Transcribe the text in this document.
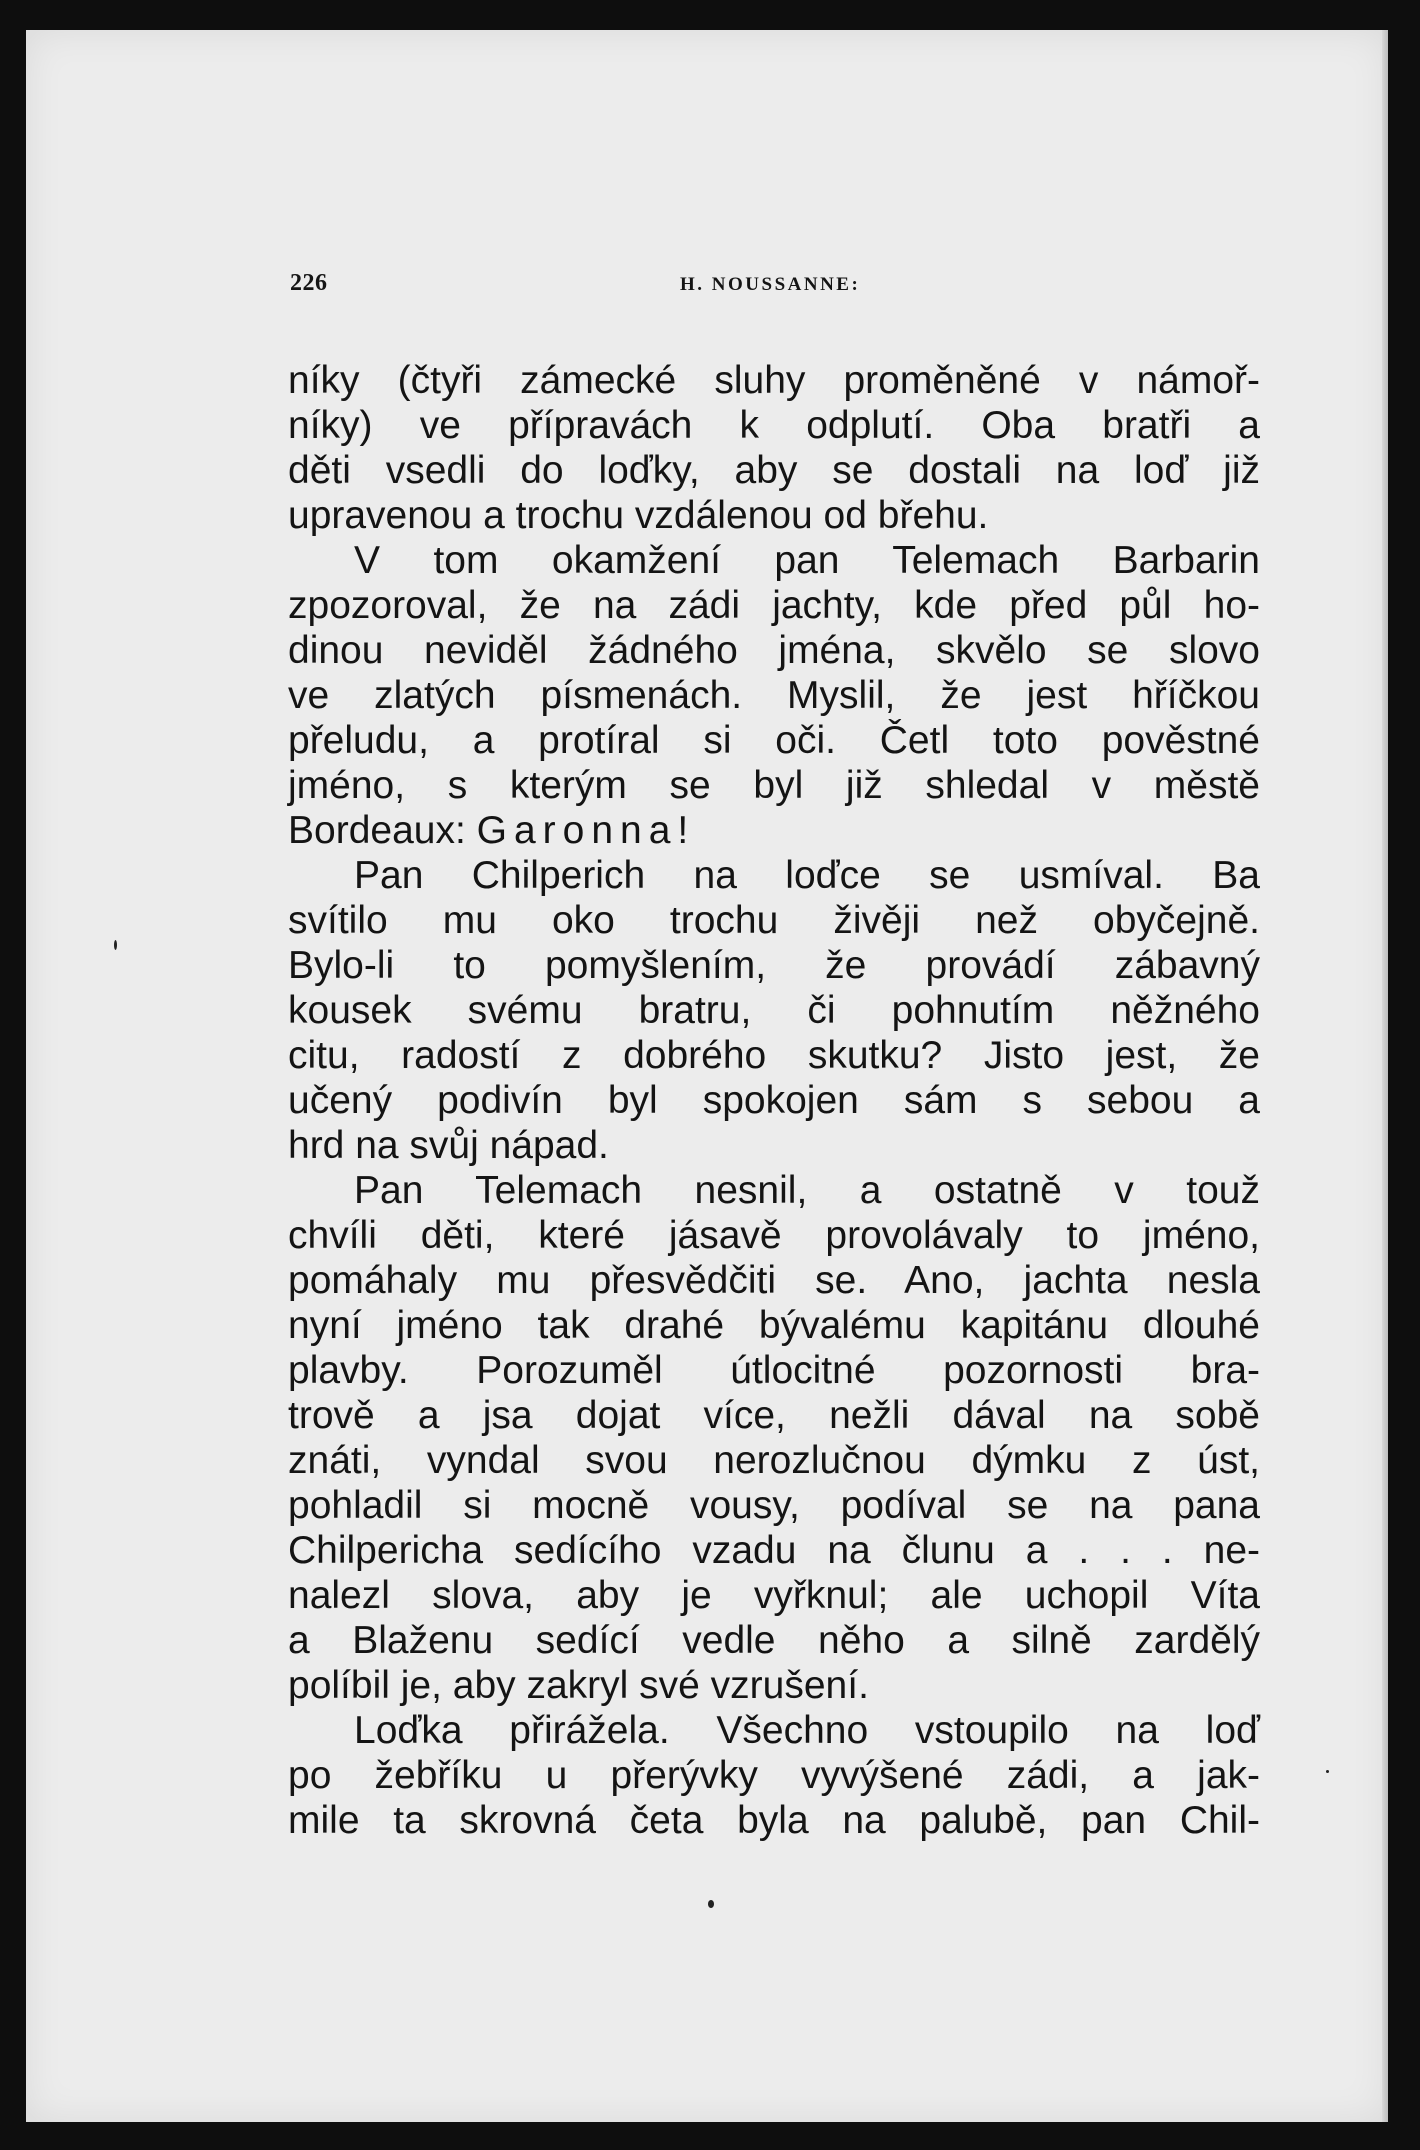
226	H. NOUSSANNE:
níky (čtyři zámecké sluhy proměněné v námoř-
níky) ve přípravách k odplutí. Oba bratři a
děti vsedli do loďky, aby se dostali na loď již
upravenou a trochu vzdálenou od břehu.
V tom okamžení pan Telemach Barbarin
zpozoroval, že na zádi jachty, kde před půl ho-
dinou neviděl žádného jména, skvělo se slovo
ve zlatých písmenách. Myslil, že jest hříčkou
přeludu, a protíral si oči. Četl toto pověstné
jméno, s kterým se byl již shledal v městě
Bordeaux: Garonna!
Pan Chilperich na loďce se usmíval. Ba
svítilo mu oko trochu živěji než obyčejně.
Bylo-li to pomyšlením, že provádí zábavný
kousek svému bratru, či pohnutím něžného
citu, radostí z dobrého skutku? Jisto jest, že
učený podivín byl spokojen sám s sebou a
hrd na svůj nápad.
Pan Telemach nesnil, a ostatně v touž
chvíli děti, které jásavě provolávaly to jméno,
pomáhaly mu přesvědčiti se. Ano, jachta nesla
nyní jméno tak drahé bývalému kapitánu dlouhé
plavby. Porozuměl útlocitné pozornosti bra-
trově a jsa dojat více, nežli dával na sobě
znáti, vyndal svou nerozlučnou dýmku z úst,
pohladil si mocně vousy, podíval se na pana
Chilpericha sedícího vzadu na člunu a . . . ne-
nalezl slova, aby je vyřknul; ale uchopil Víta
a Blaženu sedící vedle něho a silně zardělý
políbil je, aby zakryl své vzrušení.
Loďka přirážela. Všechno vstoupilo na loď
po žebříku u přerývky vyvýšené zádi, a jak-
mile ta skrovná četa byla na palubě, pan Chil-
